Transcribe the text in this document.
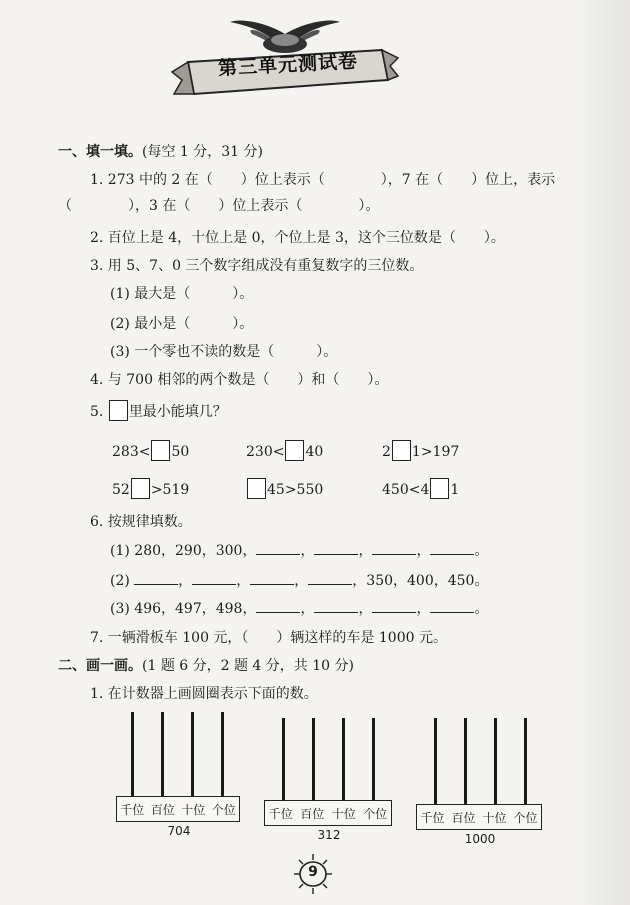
第三单元测试卷
一、填一填。(每空 1 分，31 分)
1. 273 中的 2 在（　　）位上表示（　　　　），7 在（　　）位上，表示
（　　　　），3 在（　　）位上表示（　　　　）。
2. 百位上是 4，十位上是 0，个位上是 3，这个三位数是（　　）。
3. 用 5、7、0 三个数字组成没有重复数字的三位数。
(1) 最大是（　　　）。
(2) 最小是（　　　）。
(3) 一个零也不读的数是（　　　）。
4. 与 700 相邻的两个数是（　　）和（　　）。
5. 里最小能填几？
283< 50	230< 40	2 1>197
52 >519	45>550	450<4 1
6. 按规律填数。
(1) 280，290，300，	，	，	，	。
(2)	，	，	，	，350，400，450。
(3) 496，497，498，	，	，	，	。
7. 一辆滑板车 100 元，（　　）辆这样的车是 1000 元。
二、画一画。(1 题 6 分，2 题 4 分，共 10 分)
1. 在计数器上画圆圈表示下面的数。
千位 百位 十位 个位
704
千位 百位 十位 个位
312
千位 百位 十位 个位
1000
9
